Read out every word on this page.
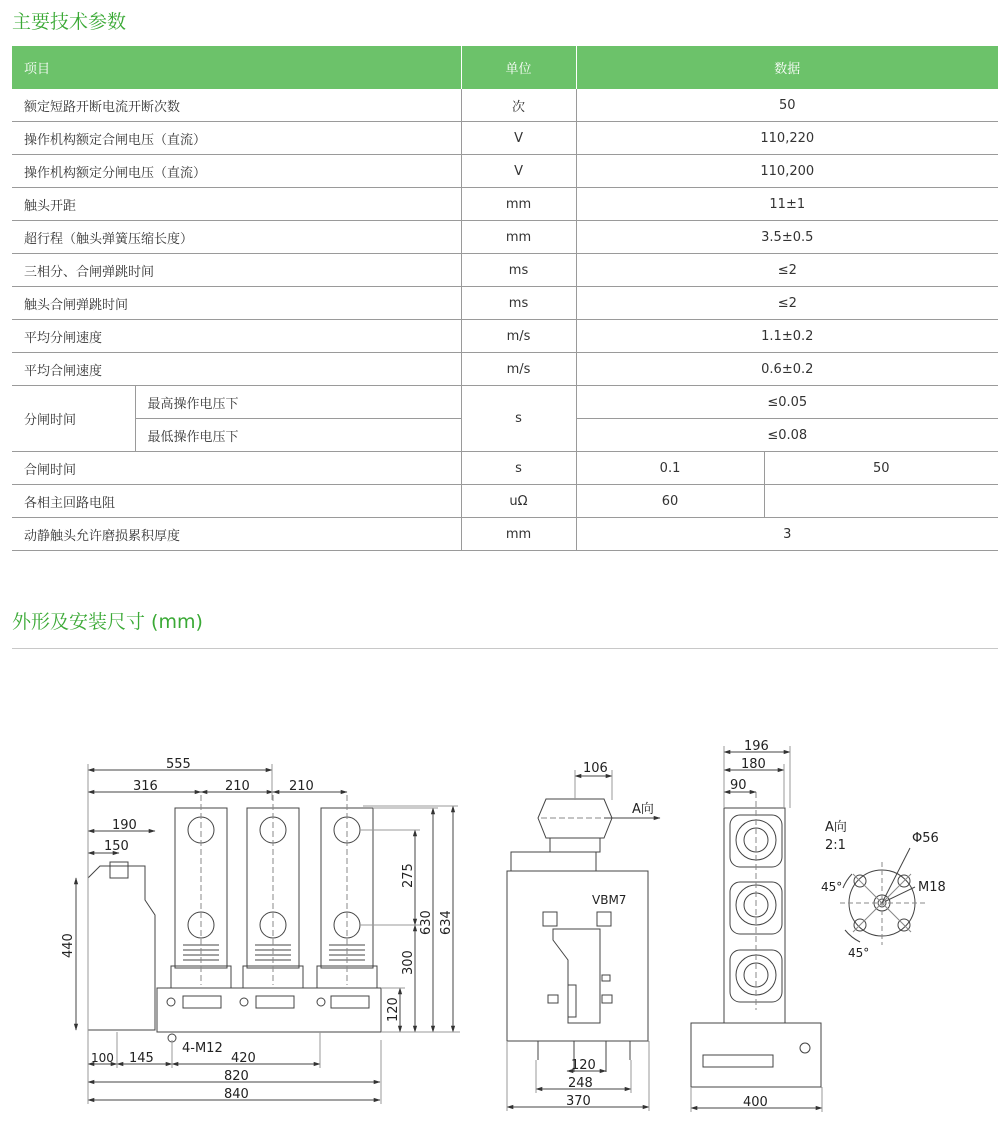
主要技术参数
项目		单位	数据	
额定短路开断电流开断次数		次	50	
操作机构额定合闸电压（直流）		V	110,220	
操作机构额定分闸电压（直流）		V	110,200	
触头开距		mm	11±1	
超行程（触头弹簧压缩长度）		mm	3.5±0.5	
三相分、合闸弹跳时间		ms	≤2	
触头合闸弹跳时间		ms	≤2	
平均分闸速度		m/s	1.1±0.2	
平均合闸速度		m/s	0.6±0.2	
分闸时间	最高操作电压下	s	≤0.05	
	最低操作电压下		≤0.08	
合闸时间		s	0.1	50
各相主回路电阻		uΩ	60	
动静触头允许磨损累积厚度		mm	3	
外形及安装尺寸 (mm)
555
316	210	210
190
150
440
275
630 634
300
120
4-M12
100 145	420
820
840
106
A向
VBM7
120
248
370
196
180
90
400
A向
2:1	Φ56
M18
45°
45°
